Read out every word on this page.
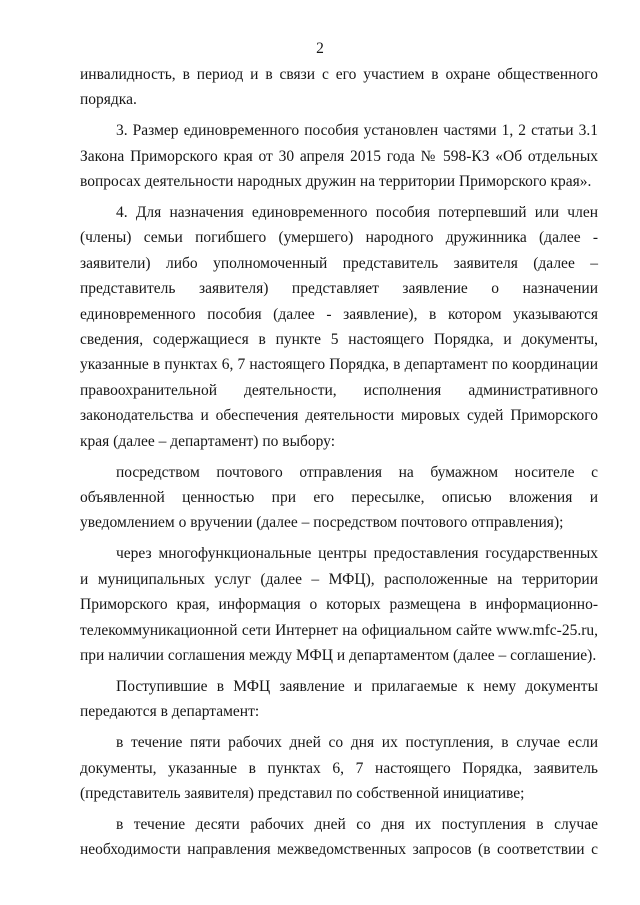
2

инвалидность, в период и в связи с его участием в охране общественного порядка.

3. Размер единовременного пособия установлен частями 1, 2 статьи 3.1 Закона Приморского края от 30 апреля 2015 года № 598-КЗ «Об отдельных вопросах деятельности народных дружин на территории Приморского края».

4. Для назначения единовременного пособия потерпевший или член (члены) семьи погибшего (умершего) народного дружинника (далее - заявители) либо уполномоченный представитель заявителя (далее – представитель заявителя) представляет заявление о назначении единовременного пособия (далее - заявление), в котором указываются сведения, содержащиеся в пункте 5 настоящего Порядка, и документы, указанные в пунктах 6, 7 настоящего Порядка, в департамент по координации правоохранительной деятельности, исполнения административного законодательства и обеспечения деятельности мировых судей Приморского края (далее – департамент) по выбору:

посредством почтового отправления на бумажном носителе с объявленной ценностью при его пересылке, описью вложения и уведомлением о вручении (далее – посредством почтового отправления);

через многофункциональные центры предоставления государственных и муниципальных услуг (далее – МФЦ), расположенные на территории Приморского края, информация о которых размещена в информационно-телекоммуникационной сети Интернет на официальном сайте www.mfc-25.ru, при наличии соглашения между МФЦ и департаментом (далее – соглашение).

Поступившие в МФЦ заявление и прилагаемые к нему документы передаются в департамент:

в течение пяти рабочих дней со дня их поступления, в случае если документы, указанные в пунктах 6, 7 настоящего Порядка, заявитель (представитель заявителя) представил по собственной инициативе;

в течение десяти рабочих дней со дня их поступления в случае необходимости направления межведомственных запросов (в соответствии с
